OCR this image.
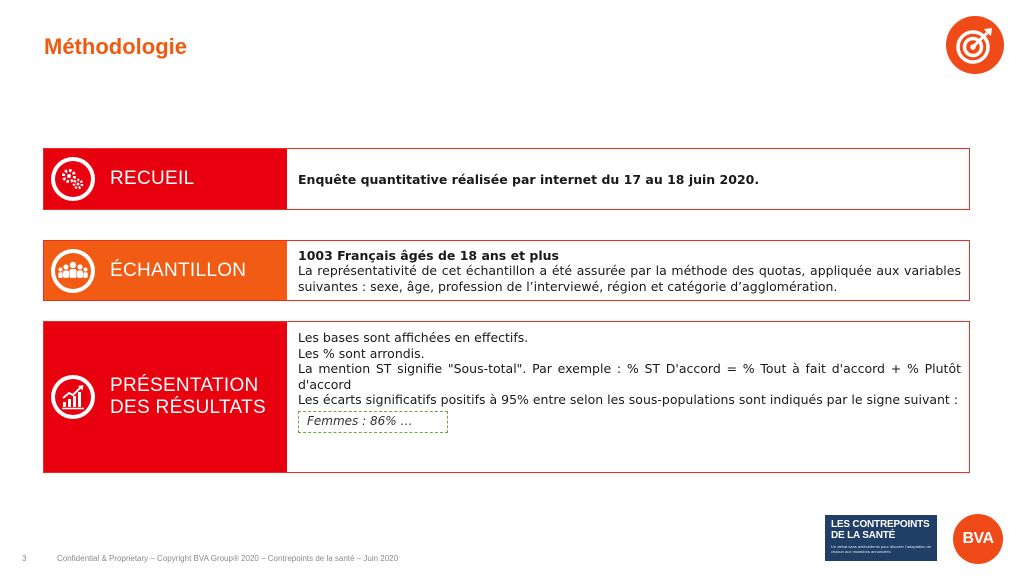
Méthodologie
RECUEIL	Enquête quantitative réalisée par internet du 17 au 18 juin 2020.
ÉCHANTILLON
1003 Français âgés de 18 ans et plus
La représentativité de cet échantillon a été assurée par la méthode des quotas, appliquée aux variables suivantes : sexe, âge, profession de l’interviewé, région et catégorie d’agglomération.
PRÉSENTATION
DES RÉSULTATS

Les bases sont affichées en effectifs.

Les % sont arrondis.

La mention ST signifie "Sous-total". Par exemple : % ST D'accord = % Tout à fait d'accord + % Plutôt d'accord

Les écarts significatifs positifs à 95% entre selon les sous-populations sont indiqués par le signe suivant :

Femmes : 86% …
3	Confidential & Proprietary – Copyright BVA Group® 2020 – Contrepoints de la santé – Juin 2020
LES CONTREPOINTS
DE LA SANTÉ
Un débat sans antécédents pour discuter l’adaptation de chacun aux mutations annoncées
BVA
